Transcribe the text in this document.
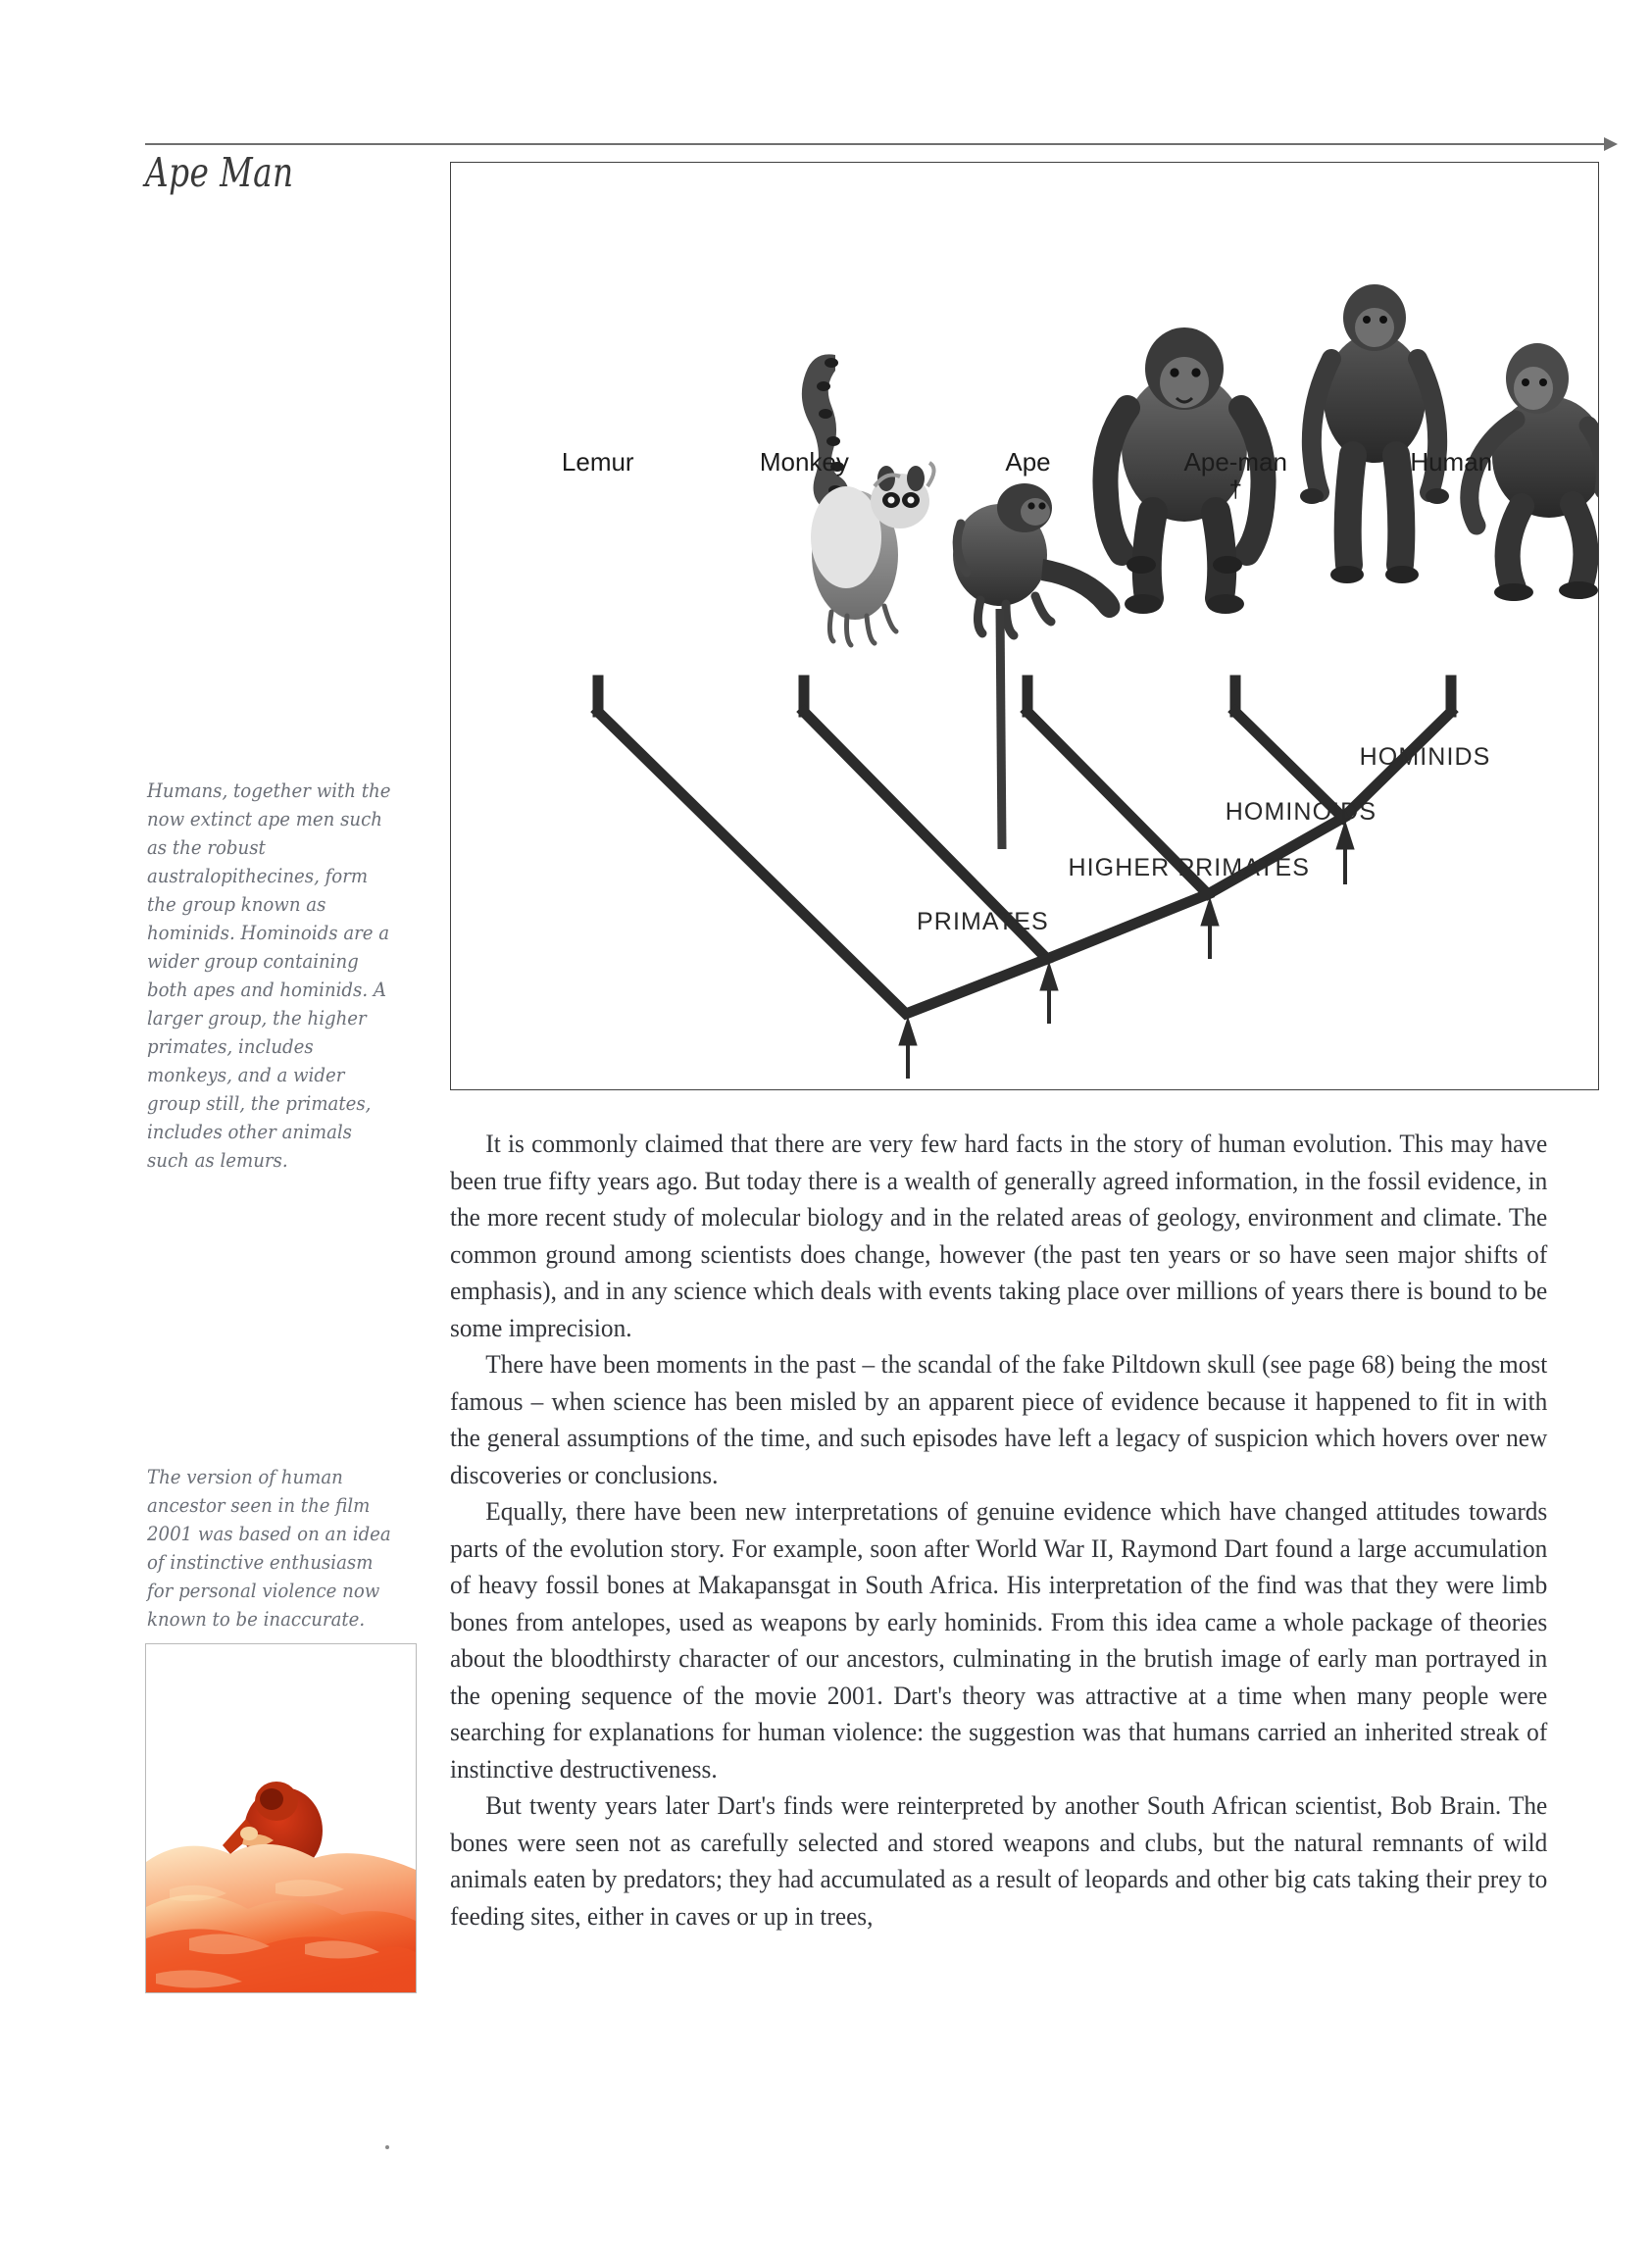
Ape Man
Humans, together with the now extinct ape men such as the robust australopithecines, form the group known as hominids. Hominoids are a wider group containing both apes and hominids. A larger group, the higher primates, includes monkeys, and a wider group still, the primates, includes other animals such as lemurs.
The version of human ancestor seen in the film 2001 was based on an idea of instinctive enthusiasm for personal violence now known to be inaccurate.
Lemur	Monkey	Ape	Ape-man	Human
†
HOMINIDS
HOMINOIDS
HIGHER PRIMATES
PRIMATES

It is commonly claimed that there are very few hard facts in the story of human evolution. This may have been true fifty years ago. But today there is a wealth of generally agreed information, in the fossil evidence, in the more recent study of molecular biology and in the related areas of geology, environment and climate. The common ground among scientists does change, however (the past ten years or so have seen major shifts of emphasis), and in any science which deals with events taking place over millions of years there is bound to be some imprecision.

There have been moments in the past – the scandal of the fake Piltdown skull (see page 68) being the most famous – when science has been misled by an apparent piece of evidence because it happened to fit in with the general assumptions of the time, and such episodes have left a legacy of suspicion which hovers over new discoveries or conclusions.

Equally, there have been new interpretations of genuine evidence which have changed attitudes towards parts of the evolution story. For example, soon after World War II, Raymond Dart found a large accumulation of heavy fossil bones at Makapansgat in South Africa. His interpretation of the find was that they were limb bones from antelopes, used as weapons by early hominids. From this idea came a whole package of theories about the bloodthirsty character of our ancestors, culminating in the brutish image of early man portrayed in the opening sequence of the movie 2001. Dart's theory was attractive at a time when many people were searching for explanations for human violence: the suggestion was that humans carried an inherited streak of instinctive destructiveness.

But twenty years later Dart's finds were reinterpreted by another South African scientist, Bob Brain. The bones were seen not as carefully selected and stored weapons and clubs, but the natural remnants of wild animals eaten by predators; they had accumulated as a result of leopards and other big cats taking their prey to feeding sites, either in caves or up in trees,
